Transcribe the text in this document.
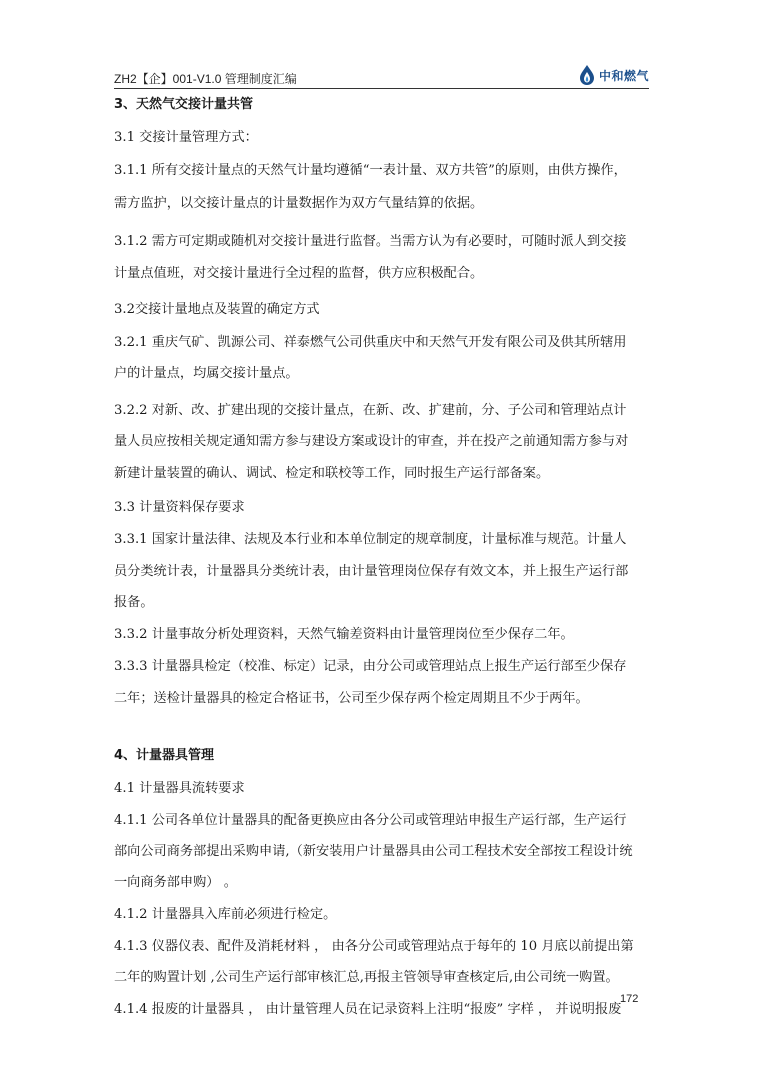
ZH2【企】001-V1.0 管理制度汇编	中和燃气
3、天然气交接计量共管
3.1 交接计量管理方式：
3.1.1 所有交接计量点的天然气计量均遵循“一表计量、双方共管”的原则，由供方操作，
需方监护，以交接计量点的计量数据作为双方气量结算的依据。
3.1.2 需方可定期或随机对交接计量进行监督。当需方认为有必要时，可随时派人到交接
计量点值班，对交接计量进行全过程的监督，供方应积极配合。
3.2交接计量地点及装置的确定方式
3.2.1 重庆气矿、凯源公司、祥泰燃气公司供重庆中和天然气开发有限公司及供其所辖用
户的计量点，均属交接计量点。
3.2.2 对新、改、扩建出现的交接计量点，在新、改、扩建前，分、子公司和管理站点计
量人员应按相关规定通知需方参与建设方案或设计的审查，并在投产之前通知需方参与对
新建计量装置的确认、调试、检定和联校等工作，同时报生产运行部备案。
3.3 计量资料保存要求
3.3.1 国家计量法律、法规及本行业和本单位制定的规章制度，计量标准与规范。计量人
员分类统计表，计量器具分类统计表，由计量管理岗位保存有效文本，并上报生产运行部
报备。
3.3.2 计量事故分析处理资料，天然气输差资料由计量管理岗位至少保存二年。
3.3.3 计量器具检定（校准、标定）记录，由分公司或管理站点上报生产运行部至少保存
二年；送检计量器具的检定合格证书，公司至少保存两个检定周期且不少于两年。
4、计量器具管理
4.1 计量器具流转要求
4.1.1 公司各单位计量器具的配备更换应由各分公司或管理站申报生产运行部，生产运行
部向公司商务部提出采购申请,（新安装用户计量器具由公司工程技术安全部按工程设计统
一向商务部申购） 。
4.1.2 计量器具入库前必须进行检定。
4.1.3 仪器仪表、配件及消耗材料 ， 由各分公司或管理站点于每年的 10 月底以前提出第
二年的购置计划 ,公司生产运行部审核汇总,再报主管领导审查核定后,由公司统一购置。
4.1.4 报废的计量器具 ， 由计量管理人员在记录资料上注明“报废” 字样 ， 并说明报废
172
